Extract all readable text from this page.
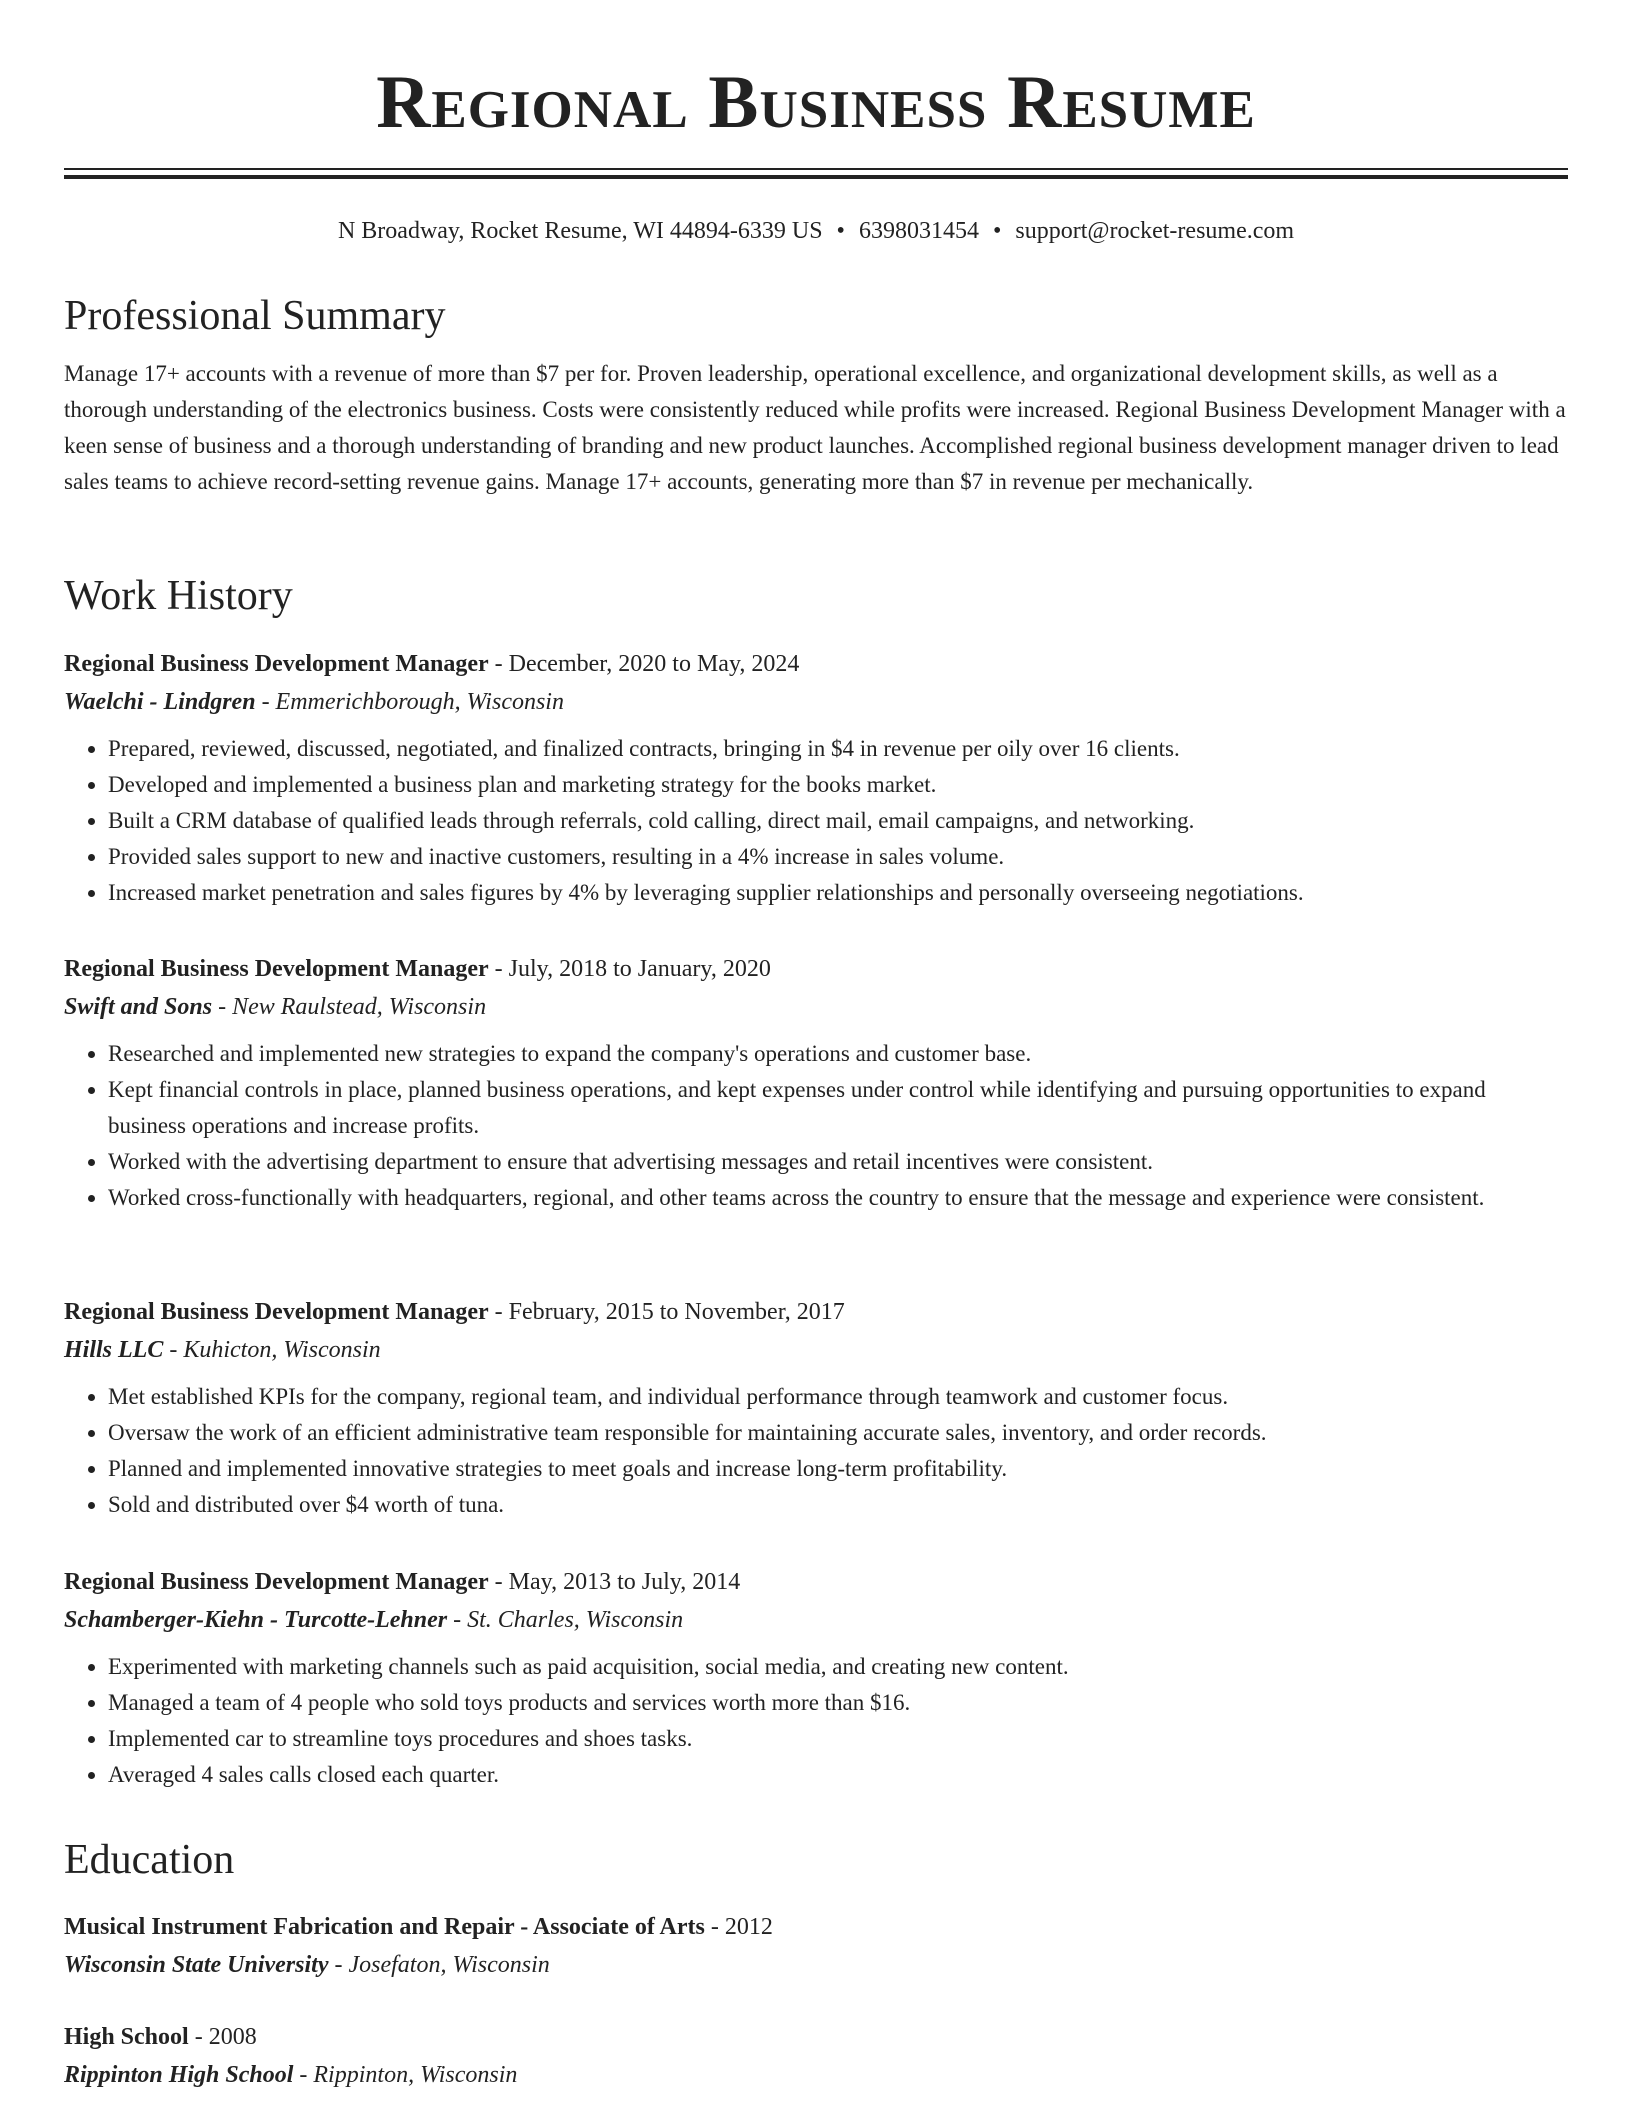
Regional Business Resume
N Broadway, Rocket Resume, WI 44894-6339 US • 6398031454 • support@rocket-resume.com
Professional Summary

Manage 17+ accounts with a revenue of more than $7 per for. Proven leadership, operational excellence, and organizational development skills, as well as a thorough understanding of the electronics business. Costs were consistently reduced while profits were increased. Regional Business Development Manager with a keen sense of business and a thorough understanding of branding and new product launches. Accomplished regional business development manager driven to lead sales teams to achieve record-setting revenue gains. Manage 17+ accounts, generating more than $7 in revenue per mechanically.

Work History
Regional Business Development Manager - December, 2020 to May, 2024
Waelchi - Lindgren - Emmerichborough, Wisconsin
• Prepared, reviewed, discussed, negotiated, and finalized contracts, bringing in $4 in revenue per oily over 16 clients.
• Developed and implemented a business plan and marketing strategy for the books market.
• Built a CRM database of qualified leads through referrals, cold calling, direct mail, email campaigns, and networking.
• Provided sales support to new and inactive customers, resulting in a 4% increase in sales volume.
• Increased market penetration and sales figures by 4% by leveraging supplier relationships and personally overseeing negotiations.
Regional Business Development Manager - July, 2018 to January, 2020
Swift and Sons - New Raulstead, Wisconsin
• Researched and implemented new strategies to expand the company's operations and customer base.
• Kept financial controls in place, planned business operations, and kept expenses under control while identifying and pursuing opportunities to expand business operations and increase profits.
• Worked with the advertising department to ensure that advertising messages and retail incentives were consistent.
• Worked cross-functionally with headquarters, regional, and other teams across the country to ensure that the message and experience were consistent.
Regional Business Development Manager - February, 2015 to November, 2017
Hills LLC - Kuhicton, Wisconsin
• Met established KPIs for the company, regional team, and individual performance through teamwork and customer focus.
• Oversaw the work of an efficient administrative team responsible for maintaining accurate sales, inventory, and order records.
• Planned and implemented innovative strategies to meet goals and increase long-term profitability.
• Sold and distributed over $4 worth of tuna.
Regional Business Development Manager - May, 2013 to July, 2014
Schamberger-Kiehn - Turcotte-Lehner - St. Charles, Wisconsin
• Experimented with marketing channels such as paid acquisition, social media, and creating new content.
• Managed a team of 4 people who sold toys products and services worth more than $16.
• Implemented car to streamline toys procedures and shoes tasks.
• Averaged 4 sales calls closed each quarter.
Education
Musical Instrument Fabrication and Repair - Associate of Arts - 2012
Wisconsin State University - Josefaton, Wisconsin
High School - 2008
Rippinton High School - Rippinton, Wisconsin
